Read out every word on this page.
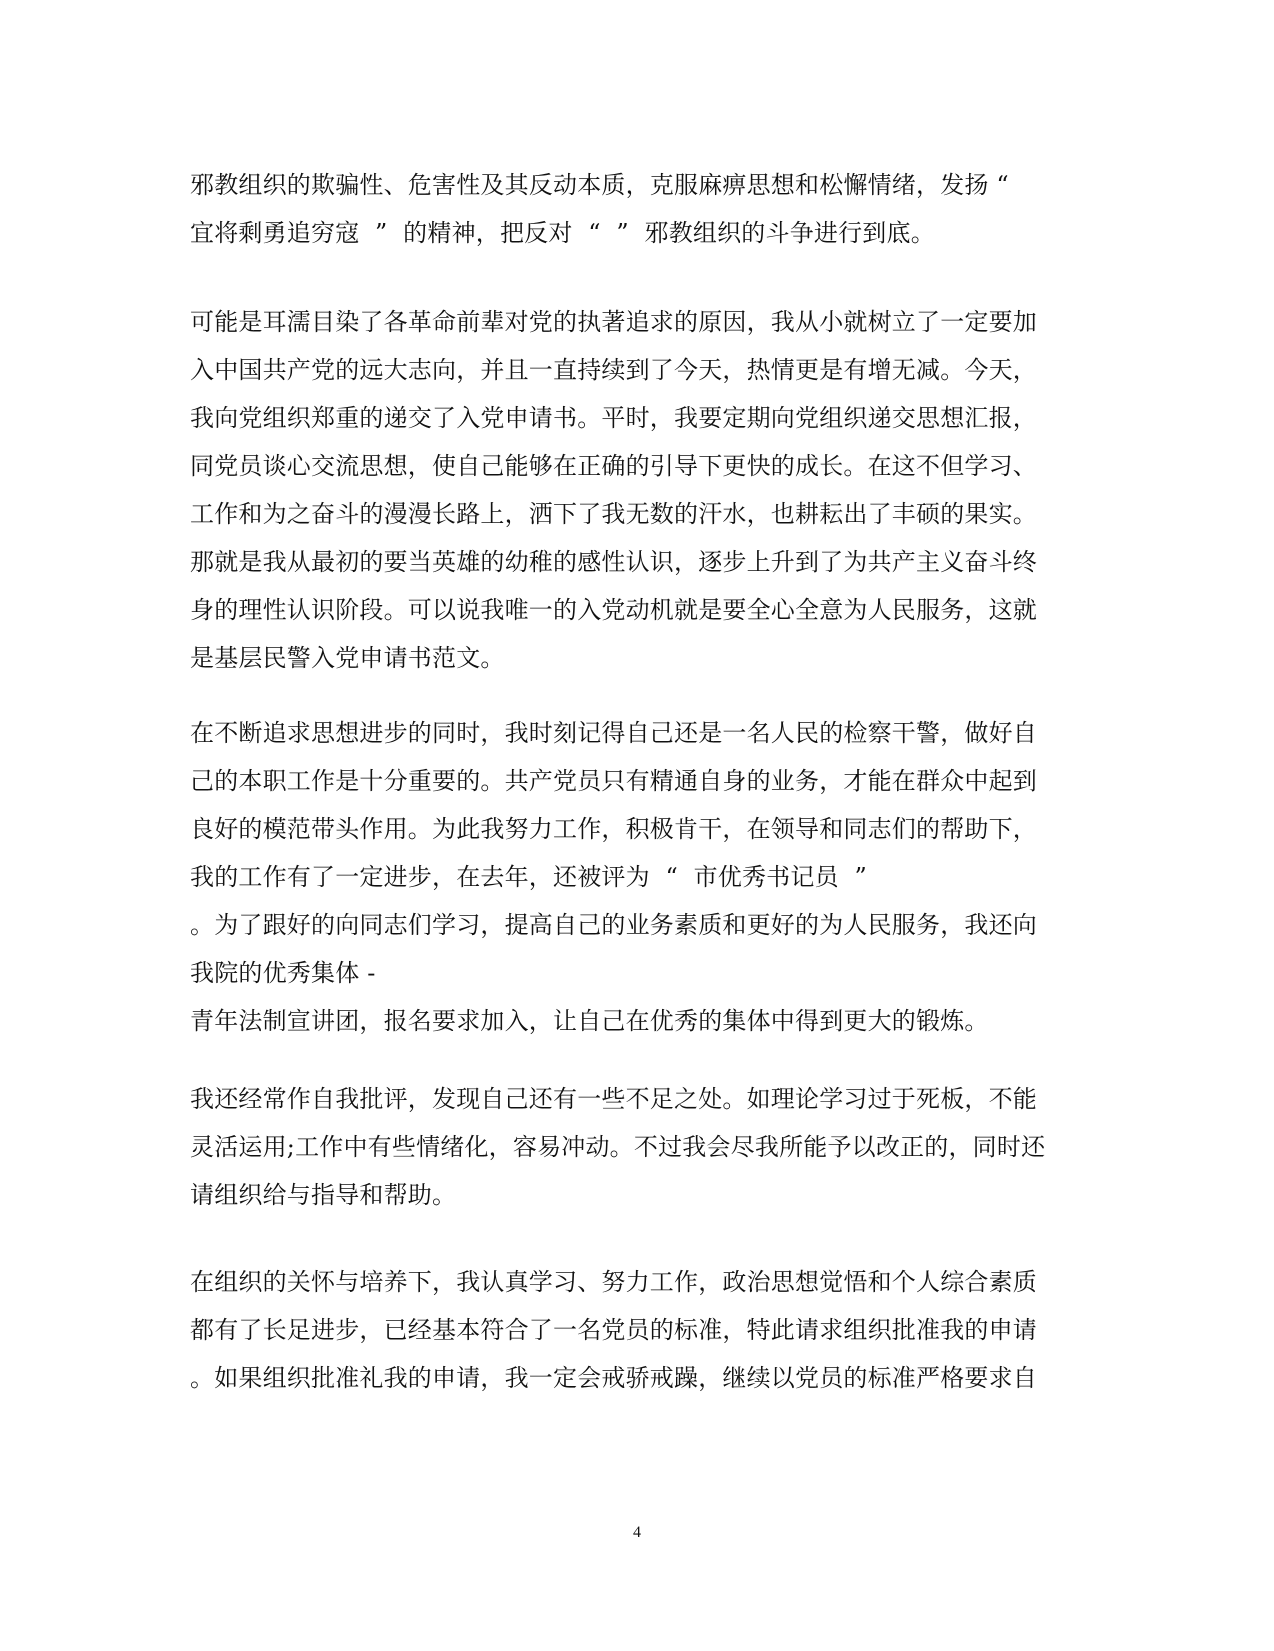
邪教组织的欺骗性、危害性及其反动本质，克服麻痹思想和松懈情绪，发扬 “
宜将剩勇追穷寇  ”  的精神，把反对  “  ”  邪教组织的斗争进行到底。
可能是耳濡目染了各革命前辈对党的执著追求的原因，我从小就树立了一定要加
入中国共产党的远大志向，并且一直持续到了今天，热情更是有增无减。今天，
我向党组织郑重的递交了入党申请书。平时，我要定期向党组织递交思想汇报，
同党员谈心交流思想，使自己能够在正确的引导下更快的成长。在这不但学习、
工作和为之奋斗的漫漫长路上，洒下了我无数的汗水，也耕耘出了丰硕的果实。
那就是我从最初的要当英雄的幼稚的感性认识，逐步上升到了为共产主义奋斗终
身的理性认识阶段。可以说我唯一的入党动机就是要全心全意为人民服务，这就
是基层民警入党申请书范文。
在不断追求思想进步的同时，我时刻记得自己还是一名人民的检察干警，做好自
己的本职工作是十分重要的。共产党员只有精通自身的业务，才能在群众中起到
良好的模范带头作用。为此我努力工作，积极肯干，在领导和同志们的帮助下，
我的工作有了一定进步，在去年，还被评为  “  市优秀书记员  ”
。为了跟好的向同志们学习，提高自己的业务素质和更好的为人民服务，我还向
我院的优秀集体 -
青年法制宣讲团，报名要求加入，让自己在优秀的集体中得到更大的锻炼。
我还经常作自我批评，发现自己还有一些不足之处。如理论学习过于死板，不能
灵活运用;工作中有些情绪化，容易冲动。不过我会尽我所能予以改正的，同时还
请组织给与指导和帮助。
在组织的关怀与培养下，我认真学习、努力工作，政治思想觉悟和个人综合素质
都有了长足进步，已经基本符合了一名党员的标准，特此请求组织批准我的申请
。如果组织批准礼我的申请，我一定会戒骄戒躁，继续以党员的标准严格要求自
4
